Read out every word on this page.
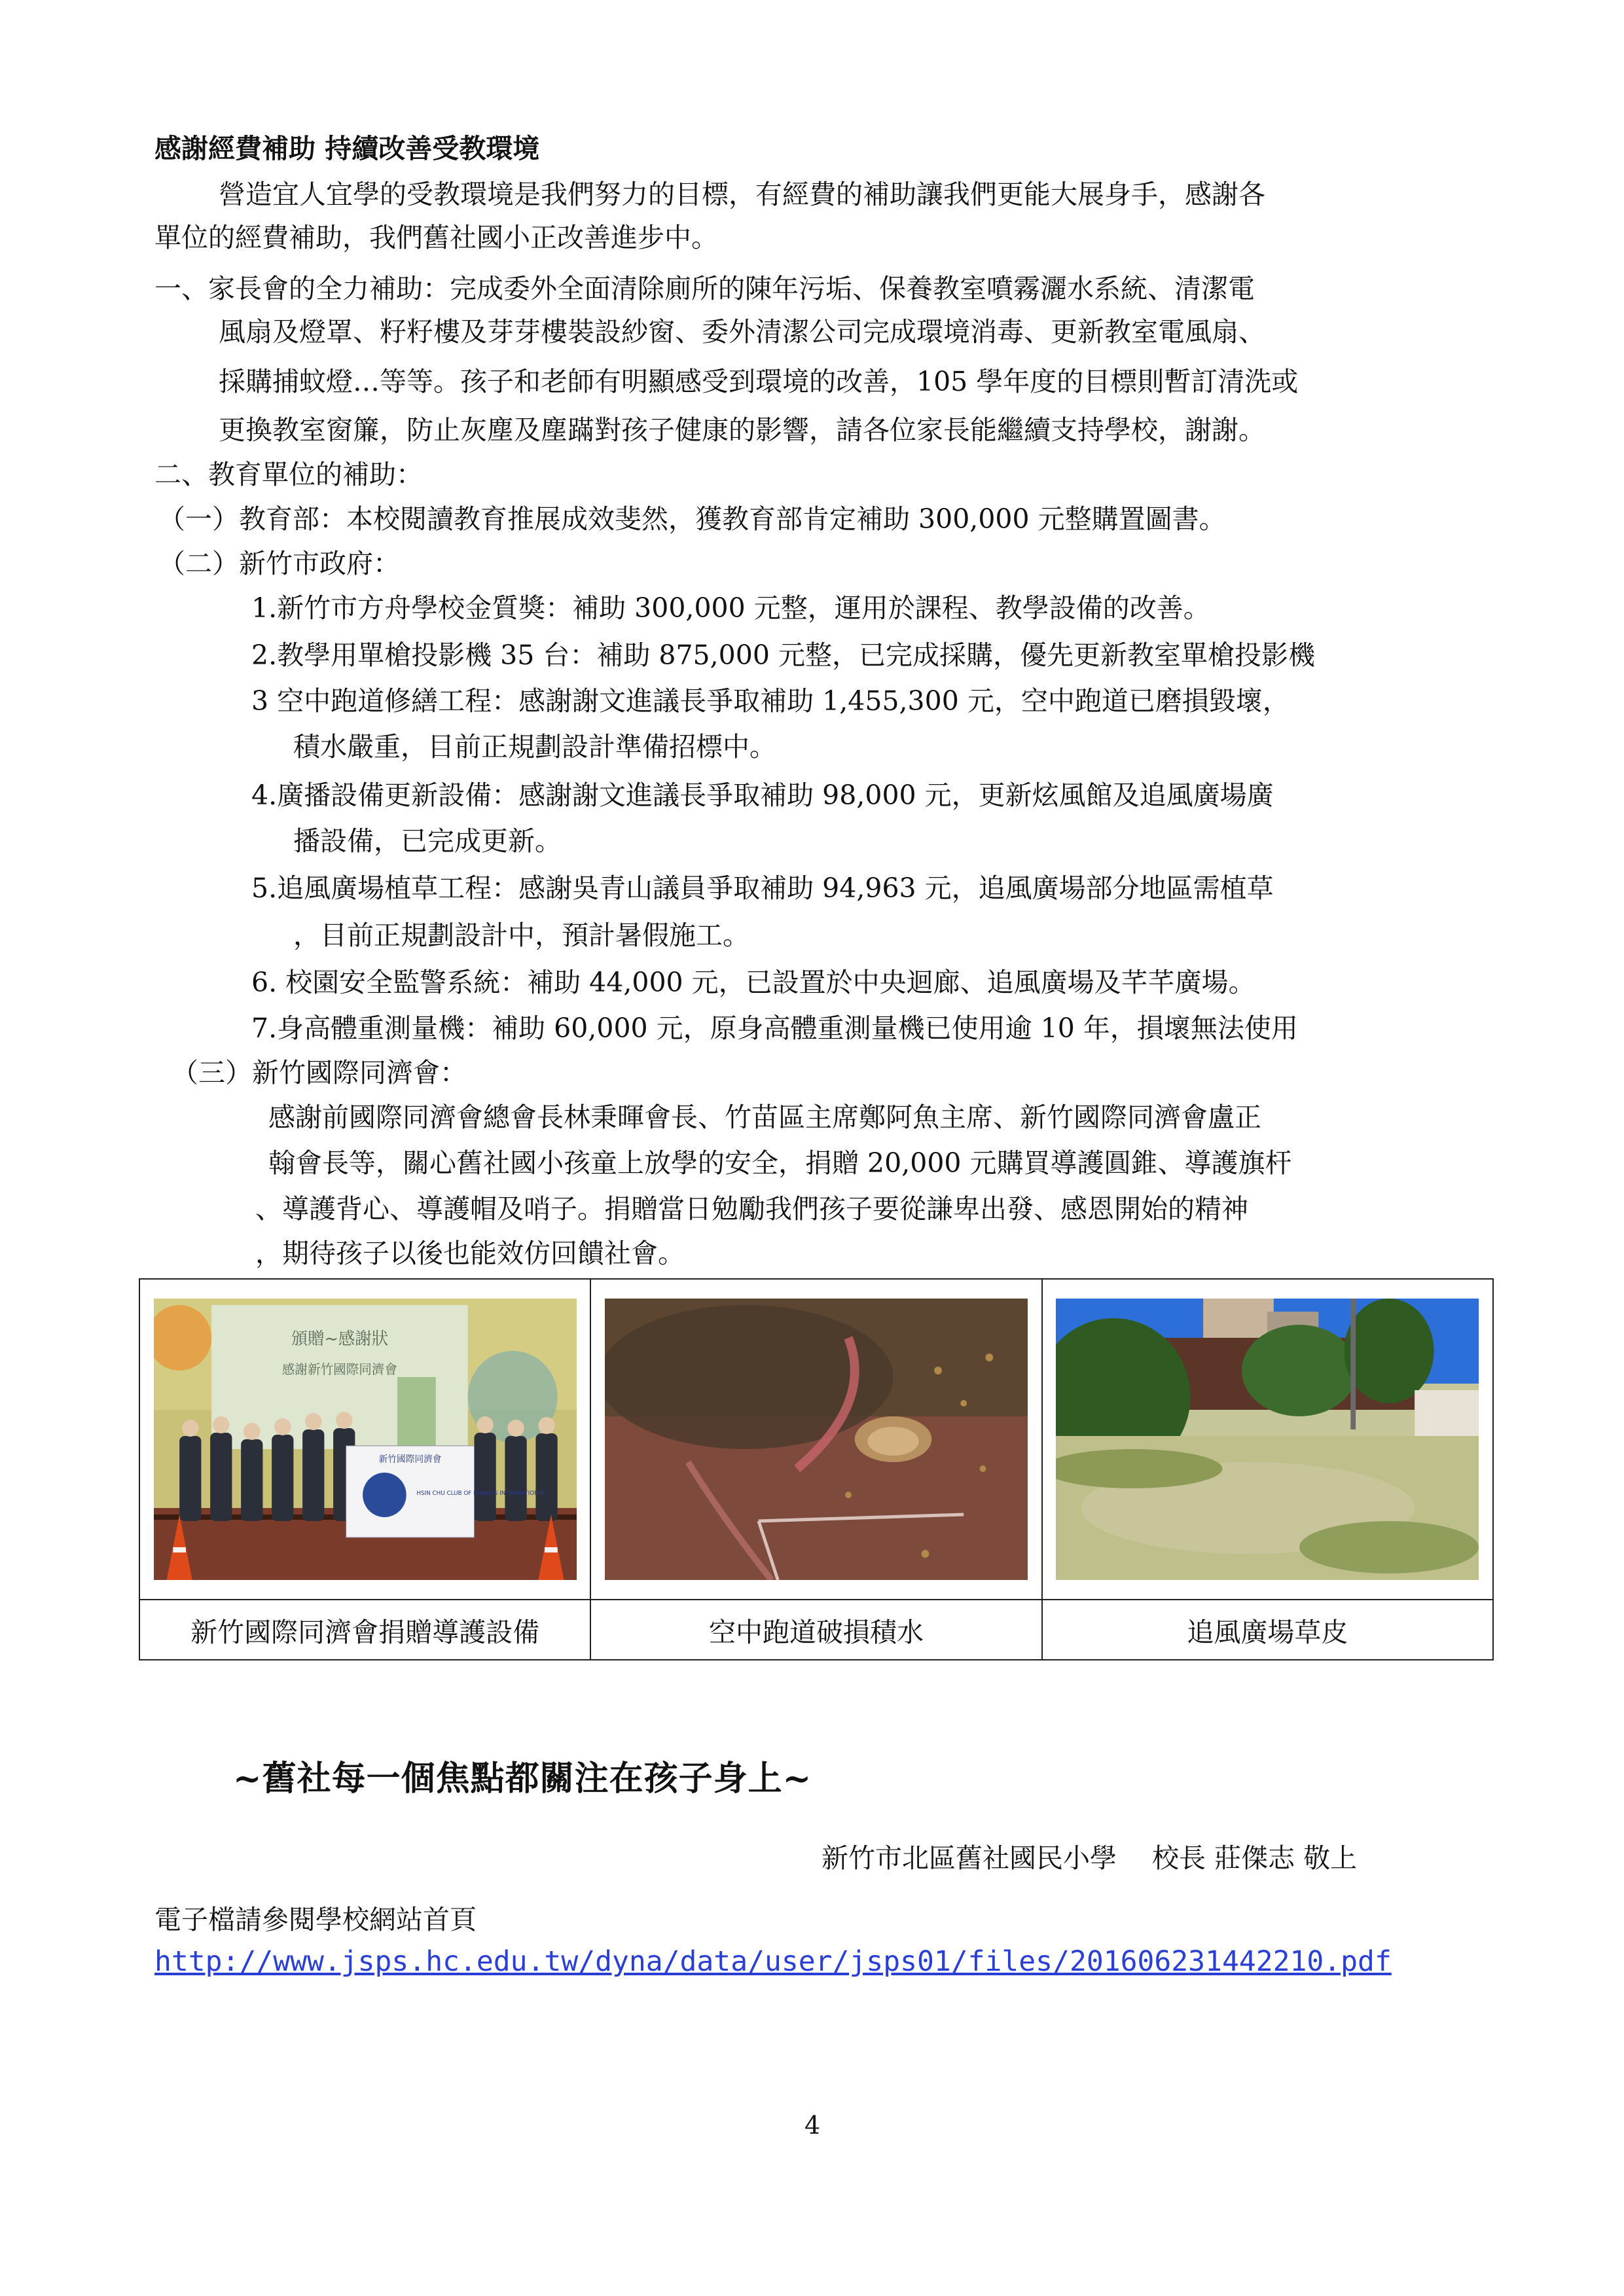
感謝經費補助 持續改善受教環境
營造宜人宜學的受教環境是我們努力的目標，有經費的補助讓我們更能大展身手，感謝各
單位的經費補助，我們舊社國小正改善進步中。
一、家長會的全力補助：完成委外全面清除廁所的陳年污垢、保養教室噴霧灑水系統、清潔電
風扇及燈罩、籽籽樓及芽芽樓裝設紗窗、委外清潔公司完成環境消毒、更新教室電風扇、
採購捕蚊燈…等等。孩子和老師有明顯感受到環境的改善，105 學年度的目標則暫訂清洗或
更換教室窗簾，防止灰塵及塵蹣對孩子健康的影響，請各位家長能繼續支持學校，謝謝。
二、教育單位的補助：
（一）教育部：本校閱讀教育推展成效斐然，獲教育部肯定補助 300,000 元整購置圖書。
（二）新竹市政府：
1.新竹市方舟學校金質獎：補助 300,000 元整，運用於課程、教學設備的改善。
2.教學用單槍投影機 35 台：補助 875,000 元整，已完成採購，優先更新教室單槍投影機
3 空中跑道修繕工程：感謝謝文進議長爭取補助 1,455,300 元，空中跑道已磨損毀壞，
積水嚴重，目前正規劃設計準備招標中。
4.廣播設備更新設備：感謝謝文進議長爭取補助 98,000 元，更新炫風館及追風廣場廣
播設備，已完成更新。
5.追風廣場植草工程：感謝吳青山議員爭取補助 94,963 元，追風廣場部分地區需植草
，目前正規劃設計中，預計暑假施工。
6. 校園安全監警系統：補助 44,000 元，已設置於中央迴廊、追風廣場及芊芊廣場。
7.身高體重測量機：補助 60,000 元，原身高體重測量機已使用逾 10 年，損壞無法使用
（三）新竹國際同濟會：
感謝前國際同濟會總會長林秉暉會長、竹苗區主席鄭阿魚主席、新竹國際同濟會盧正
翰會長等，關心舊社國小孩童上放學的安全，捐贈 20,000 元購買導護圓錐、導護旗杆
、導護背心、導護帽及哨子。捐贈當日勉勵我們孩子要從謙卑出發、感恩開始的精神
，期待孩子以後也能效仿回饋社會。
頒贈~感謝狀
感謝新竹國際同濟會
新竹國際同濟會
HSIN CHU CLUB OF KIWANIS INTERNATIONAL

新竹國際同濟會捐贈導護設備	空中跑道破損積水	追風廣場草皮
~舊社每一個焦點都關注在孩子身上~
新竹市北區舊社國民小學　 校長 莊傑志 敬上
電子檔請參閱學校網站首頁
http://www.jsps.hc.edu.tw/dyna/data/user/jsps01/files/201606231442210.pdf
4
